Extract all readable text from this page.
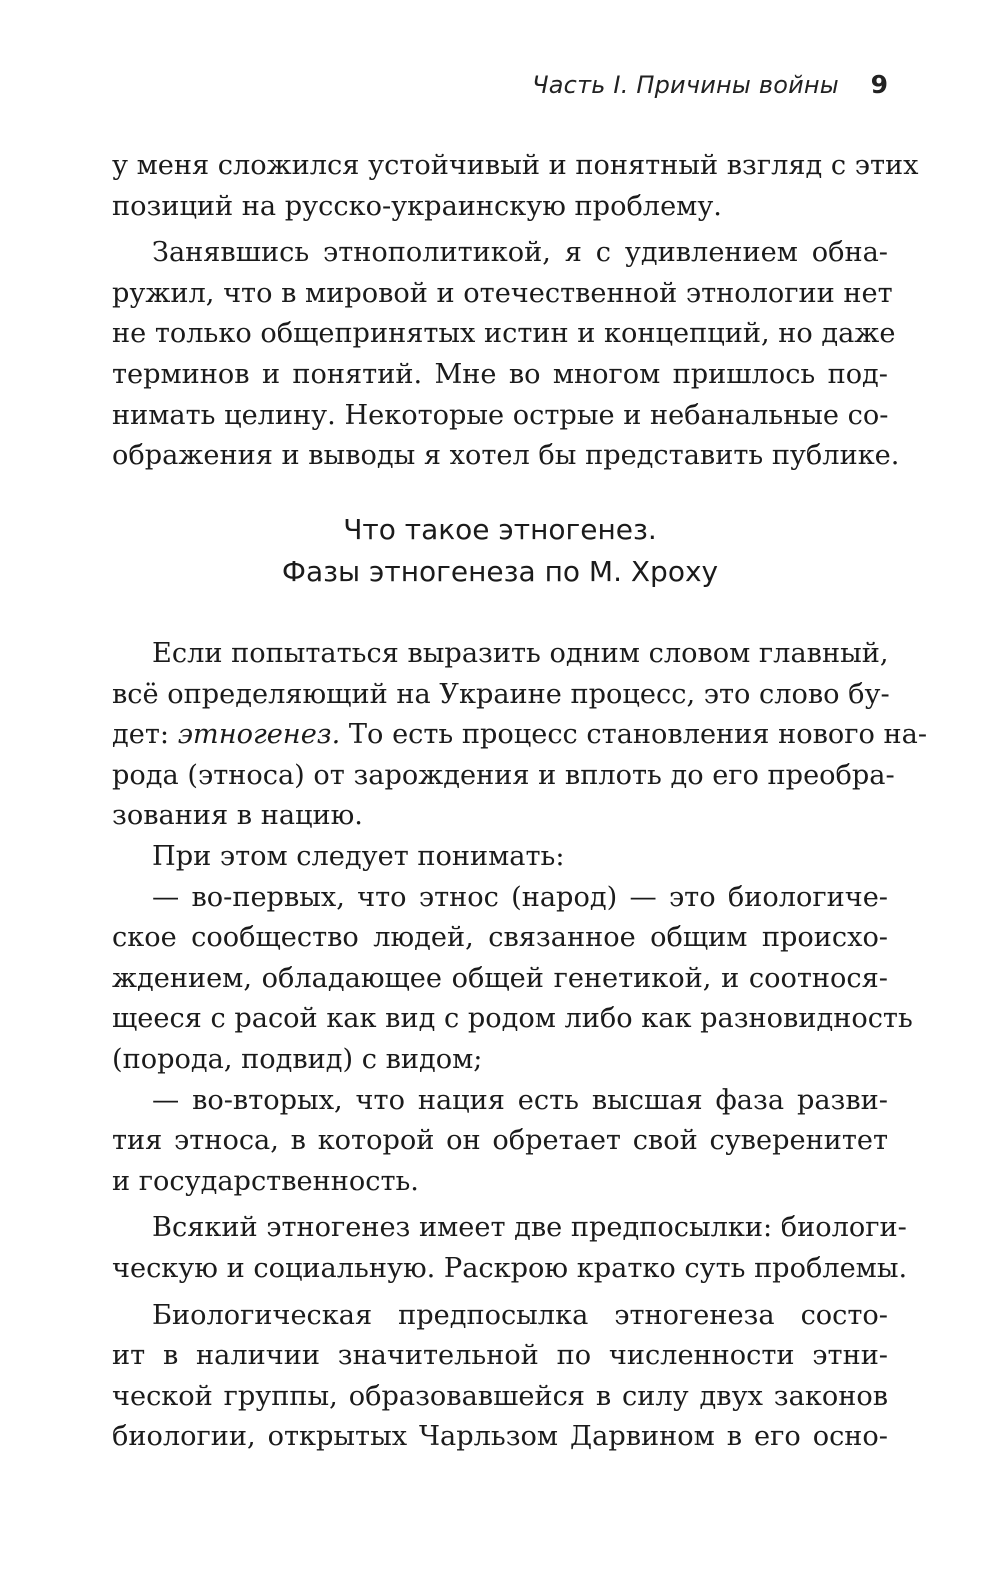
Часть I. Причины войны 9
у меня сложился устойчивый и понятный взгляд с этих
позиций на русско-украинскую проблему.
Занявшись этнополитикой, я с удивлением обна-
ружил, что в мировой и отечественной этнологии нет
не только общепринятых истин и концепций, но даже
терминов и понятий. Мне во многом пришлось под-
нимать целину. Некоторые острые и небанальные со-
ображения и выводы я хотел бы представить публике.
Что такое этногенез.
Фазы этногенеза по М. Хроху
Если попытаться выразить одним словом главный,
всё определяющий на Украине процесс, это слово бу-
дет: этногенез. То есть процесс становления нового на-
рода (этноса) от зарождения и вплоть до его преобра-
зования в нацию.
При этом следует понимать:
— во-первых, что этнос (народ) — это биологиче-
ское сообщество людей, связанное общим происхо-
ждением, обладающее общей генетикой, и соотнося-
щееся с расой как вид с родом либо как разновидность
(порода, подвид) с видом;
— во-вторых, что нация есть высшая фаза разви-
тия этноса, в которой он обретает свой суверенитет
и государственность.
Всякий этногенез имеет две предпосылки: биологи-
ческую и социальную. Раскрою кратко суть проблемы.
Биологическая предпосылка этногенеза состо-
ит в наличии значительной по численности этни-
ческой группы, образовавшейся в силу двух законов
биологии, открытых Чарльзом Дарвином в его осно-
